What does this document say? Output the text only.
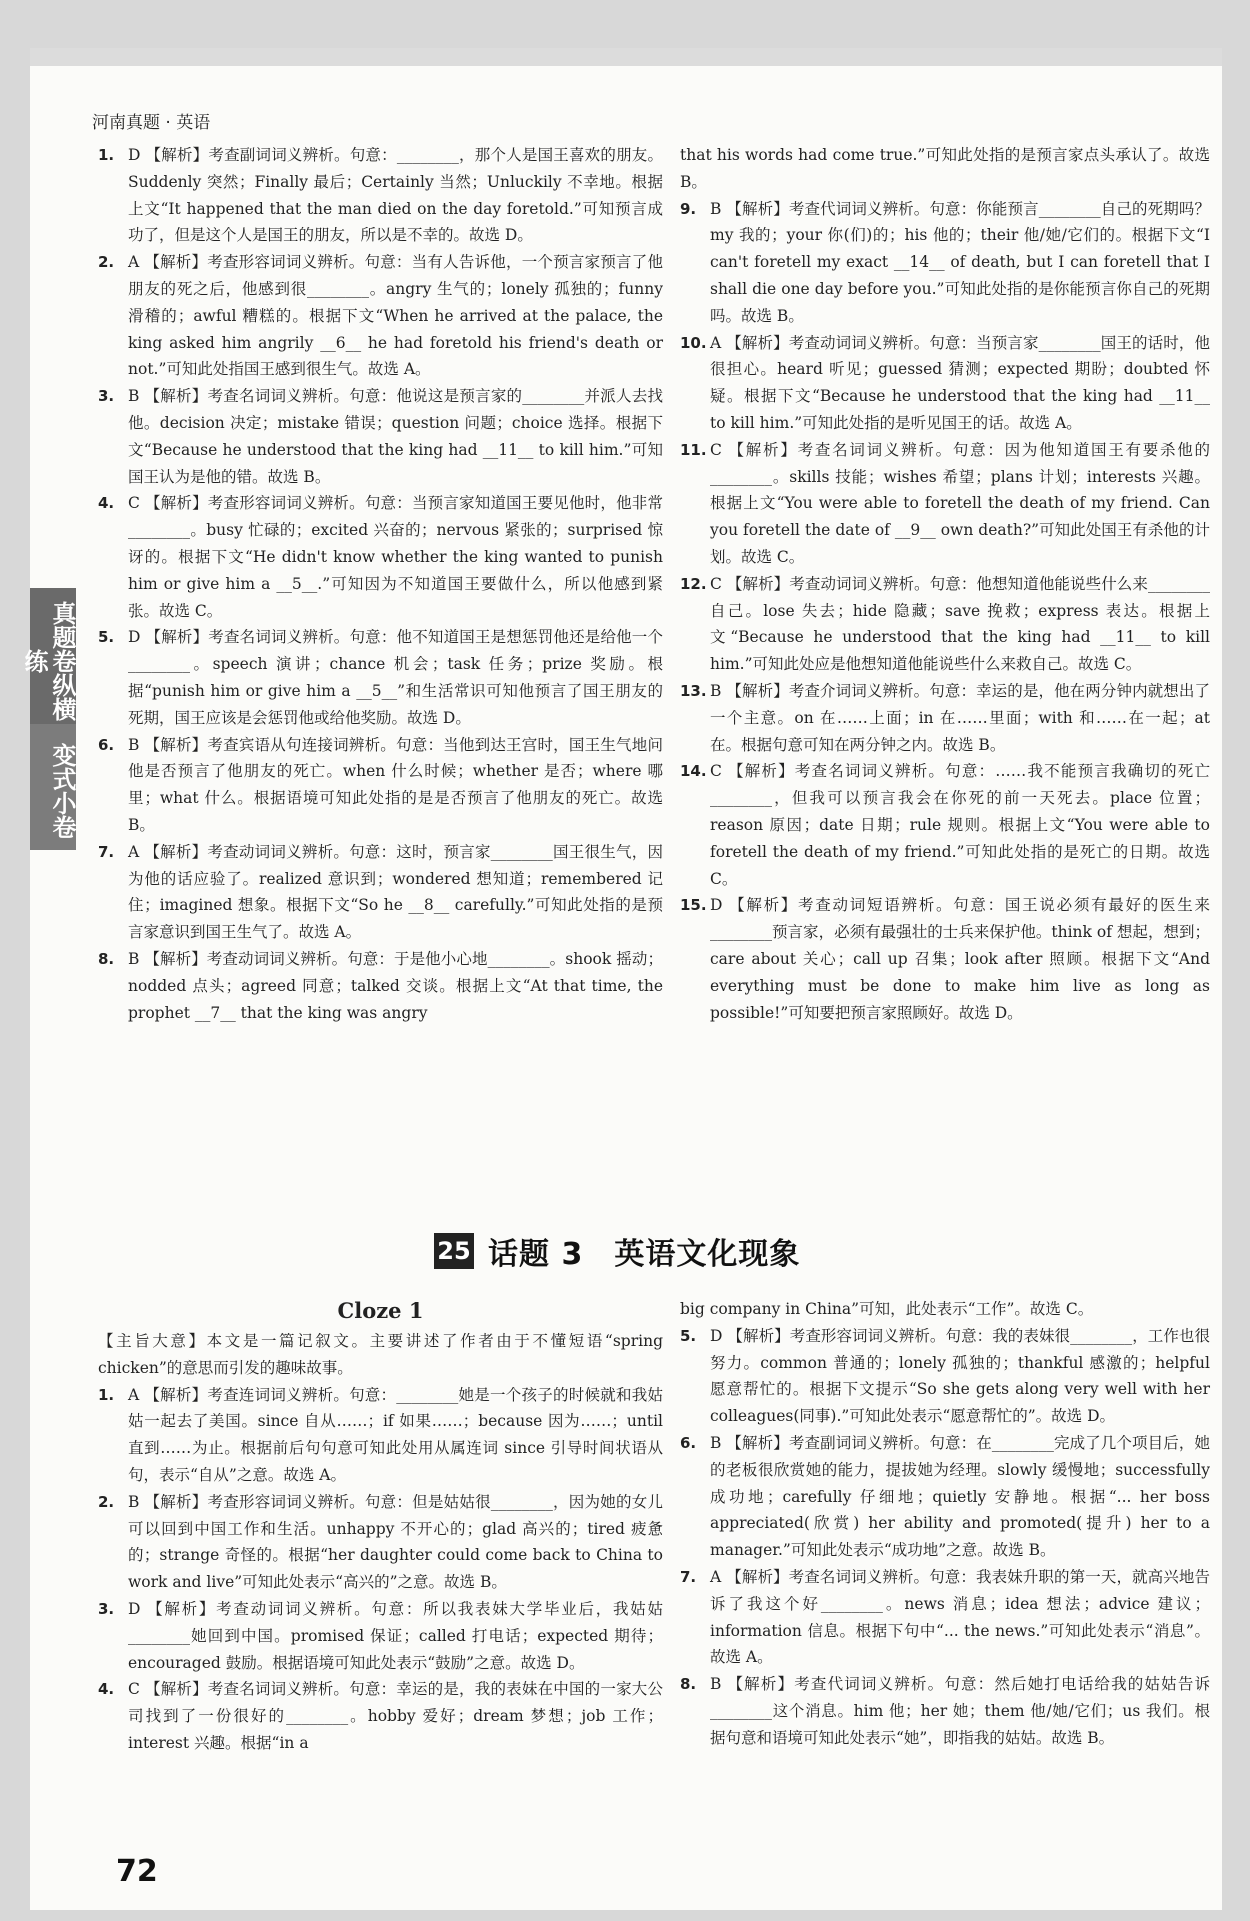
河南真题 · 英语
真题卷纵横练
变式小卷
1. D 【解析】考查副词词义辨析。句意：________，那个人是国王喜欢的朋友。Suddenly 突然；Finally 最后；Certainly 当然；Unluckily 不幸地。根据上文“It happened that the man died on the day foretold.”可知预言成功了，但是这个人是国王的朋友，所以是不幸的。故选 D。
2. A 【解析】考查形容词词义辨析。句意：当有人告诉他，一个预言家预言了他朋友的死之后，他感到很________。angry 生气的；lonely 孤独的；funny 滑稽的；awful 糟糕的。根据下文“When he arrived at the palace, the king asked him angrily __6__ he had foretold his friend's death or not.”可知此处指国王感到很生气。故选 A。
3. B 【解析】考查名词词义辨析。句意：他说这是预言家的________并派人去找他。decision 决定；mistake 错误；question 问题；choice 选择。根据下文“Because he understood that the king had __11__ to kill him.”可知国王认为是他的错。故选 B。
4. C 【解析】考查形容词词义辨析。句意：当预言家知道国王要见他时，他非常________。busy 忙碌的；excited 兴奋的；nervous 紧张的；surprised 惊讶的。根据下文“He didn't know whether the king wanted to punish him or give him a __5__.”可知因为不知道国王要做什么，所以他感到紧张。故选 C。
5. D 【解析】考查名词词义辨析。句意：他不知道国王是想惩罚他还是给他一个________。speech 演讲；chance 机会；task 任务；prize 奖励。根据“punish him or give him a __5__”和生活常识可知他预言了国王朋友的死期，国王应该是会惩罚他或给他奖励。故选 D。
6. B 【解析】考查宾语从句连接词辨析。句意：当他到达王宫时，国王生气地问他是否预言了他朋友的死亡。when 什么时候；whether 是否；where 哪里；what 什么。根据语境可知此处指的是是否预言了他朋友的死亡。故选 B。
7. A 【解析】考查动词词义辨析。句意：这时，预言家________国王很生气，因为他的话应验了。realized 意识到；wondered 想知道；remembered 记住；imagined 想象。根据下文“So he __8__ carefully.”可知此处指的是预言家意识到国王生气了。故选 A。
8. B 【解析】考查动词词义辨析。句意：于是他小心地________。shook 摇动；nodded 点头；agreed 同意；talked 交谈。根据上文“At that time, the prophet __7__ that the king was angry

that his words had come true.”可知此处指的是预言家点头承认了。故选 B。

9. B 【解析】考查代词词义辨析。句意：你能预言________自己的死期吗？my 我的；your 你(们)的；his 他的；their 他/她/它们的。根据下文“I can't foretell my exact __14__ of death, but I can foretell that I shall die one day before you.”可知此处指的是你能预言你自己的死期吗。故选 B。
10. A 【解析】考查动词词义辨析。句意：当预言家________国王的话时，他很担心。heard 听见；guessed 猜测；expected 期盼；doubted 怀疑。根据下文“Because he understood that the king had __11__ to kill him.”可知此处指的是听见国王的话。故选 A。
11. C 【解析】考查名词词义辨析。句意：因为他知道国王有要杀他的________。skills 技能；wishes 希望；plans 计划；interests 兴趣。根据上文“You were able to foretell the death of my friend. Can you foretell the date of __9__ own death?”可知此处国王有杀他的计划。故选 C。
12. C 【解析】考查动词词义辨析。句意：他想知道他能说些什么来________自己。lose 失去；hide 隐藏；save 挽救；express 表达。根据上文“Because he understood that the king had __11__ to kill him.”可知此处应是他想知道他能说些什么来救自己。故选 C。
13. B 【解析】考查介词词义辨析。句意：幸运的是，他在两分钟内就想出了一个主意。on 在……上面；in 在……里面；with 和……在一起；at 在。根据句意可知在两分钟之内。故选 B。
14. C 【解析】考查名词词义辨析。句意：……我不能预言我确切的死亡________，但我可以预言我会在你死的前一天死去。place 位置；reason 原因；date 日期；rule 规则。根据上文“You were able to foretell the death of my friend.”可知此处指的是死亡的日期。故选 C。
15. D 【解析】考查动词短语辨析。句意：国王说必须有最好的医生来________预言家，必须有最强壮的士兵来保护他。think of 想起，想到；care about 关心；call up 召集；look after 照顾。根据下文“And everything must be done to make him live as long as possible!”可知要把预言家照顾好。故选 D。
25 话题 3　英语文化现象
Cloze 1

【主旨大意】本文是一篇记叙文。主要讲述了作者由于不懂短语“spring chicken”的意思而引发的趣味故事。

1. A 【解析】考查连词词义辨析。句意：________她是一个孩子的时候就和我姑姑一起去了美国。since 自从……；if 如果……；because 因为……；until 直到……为止。根据前后句句意可知此处用从属连词 since 引导时间状语从句，表示“自从”之意。故选 A。
2. B 【解析】考查形容词词义辨析。句意：但是姑姑很________，因为她的女儿可以回到中国工作和生活。unhappy 不开心的；glad 高兴的；tired 疲惫的；strange 奇怪的。根据“her daughter could come back to China to work and live”可知此处表示“高兴的”之意。故选 B。
3. D 【解析】考查动词词义辨析。句意：所以我表妹大学毕业后，我姑姑________她回到中国。promised 保证；called 打电话；expected 期待；encouraged 鼓励。根据语境可知此处表示“鼓励”之意。故选 D。
4. C 【解析】考查名词词义辨析。句意：幸运的是，我的表妹在中国的一家大公司找到了一份很好的________。hobby 爱好；dream 梦想；job 工作；interest 兴趣。根据“in a

big company in China”可知，此处表示“工作”。故选 C。

5. D 【解析】考查形容词词义辨析。句意：我的表妹很________，工作也很努力。common 普通的；lonely 孤独的；thankful 感激的；helpful 愿意帮忙的。根据下文提示“So she gets along very well with her colleagues(同事).”可知此处表示“愿意帮忙的”。故选 D。
6. B 【解析】考查副词词义辨析。句意：在________完成了几个项目后，她的老板很欣赏她的能力，提拔她为经理。slowly 缓慢地；successfully 成功地；carefully 仔细地；quietly 安静地。根据“... her boss appreciated(欣赏) her ability and promoted(提升) her to a manager.”可知此处表示“成功地”之意。故选 B。
7. A 【解析】考查名词词义辨析。句意：我表妹升职的第一天，就高兴地告诉了我这个好________。news 消息；idea 想法；advice 建议；information 信息。根据下句中“... the news.”可知此处表示“消息”。故选 A。
8. B 【解析】考查代词词义辨析。句意：然后她打电话给我的姑姑告诉________这个消息。him 他；her 她；them 他/她/它们；us 我们。根据句意和语境可知此处表示“她”，即指我的姑姑。故选 B。
72
